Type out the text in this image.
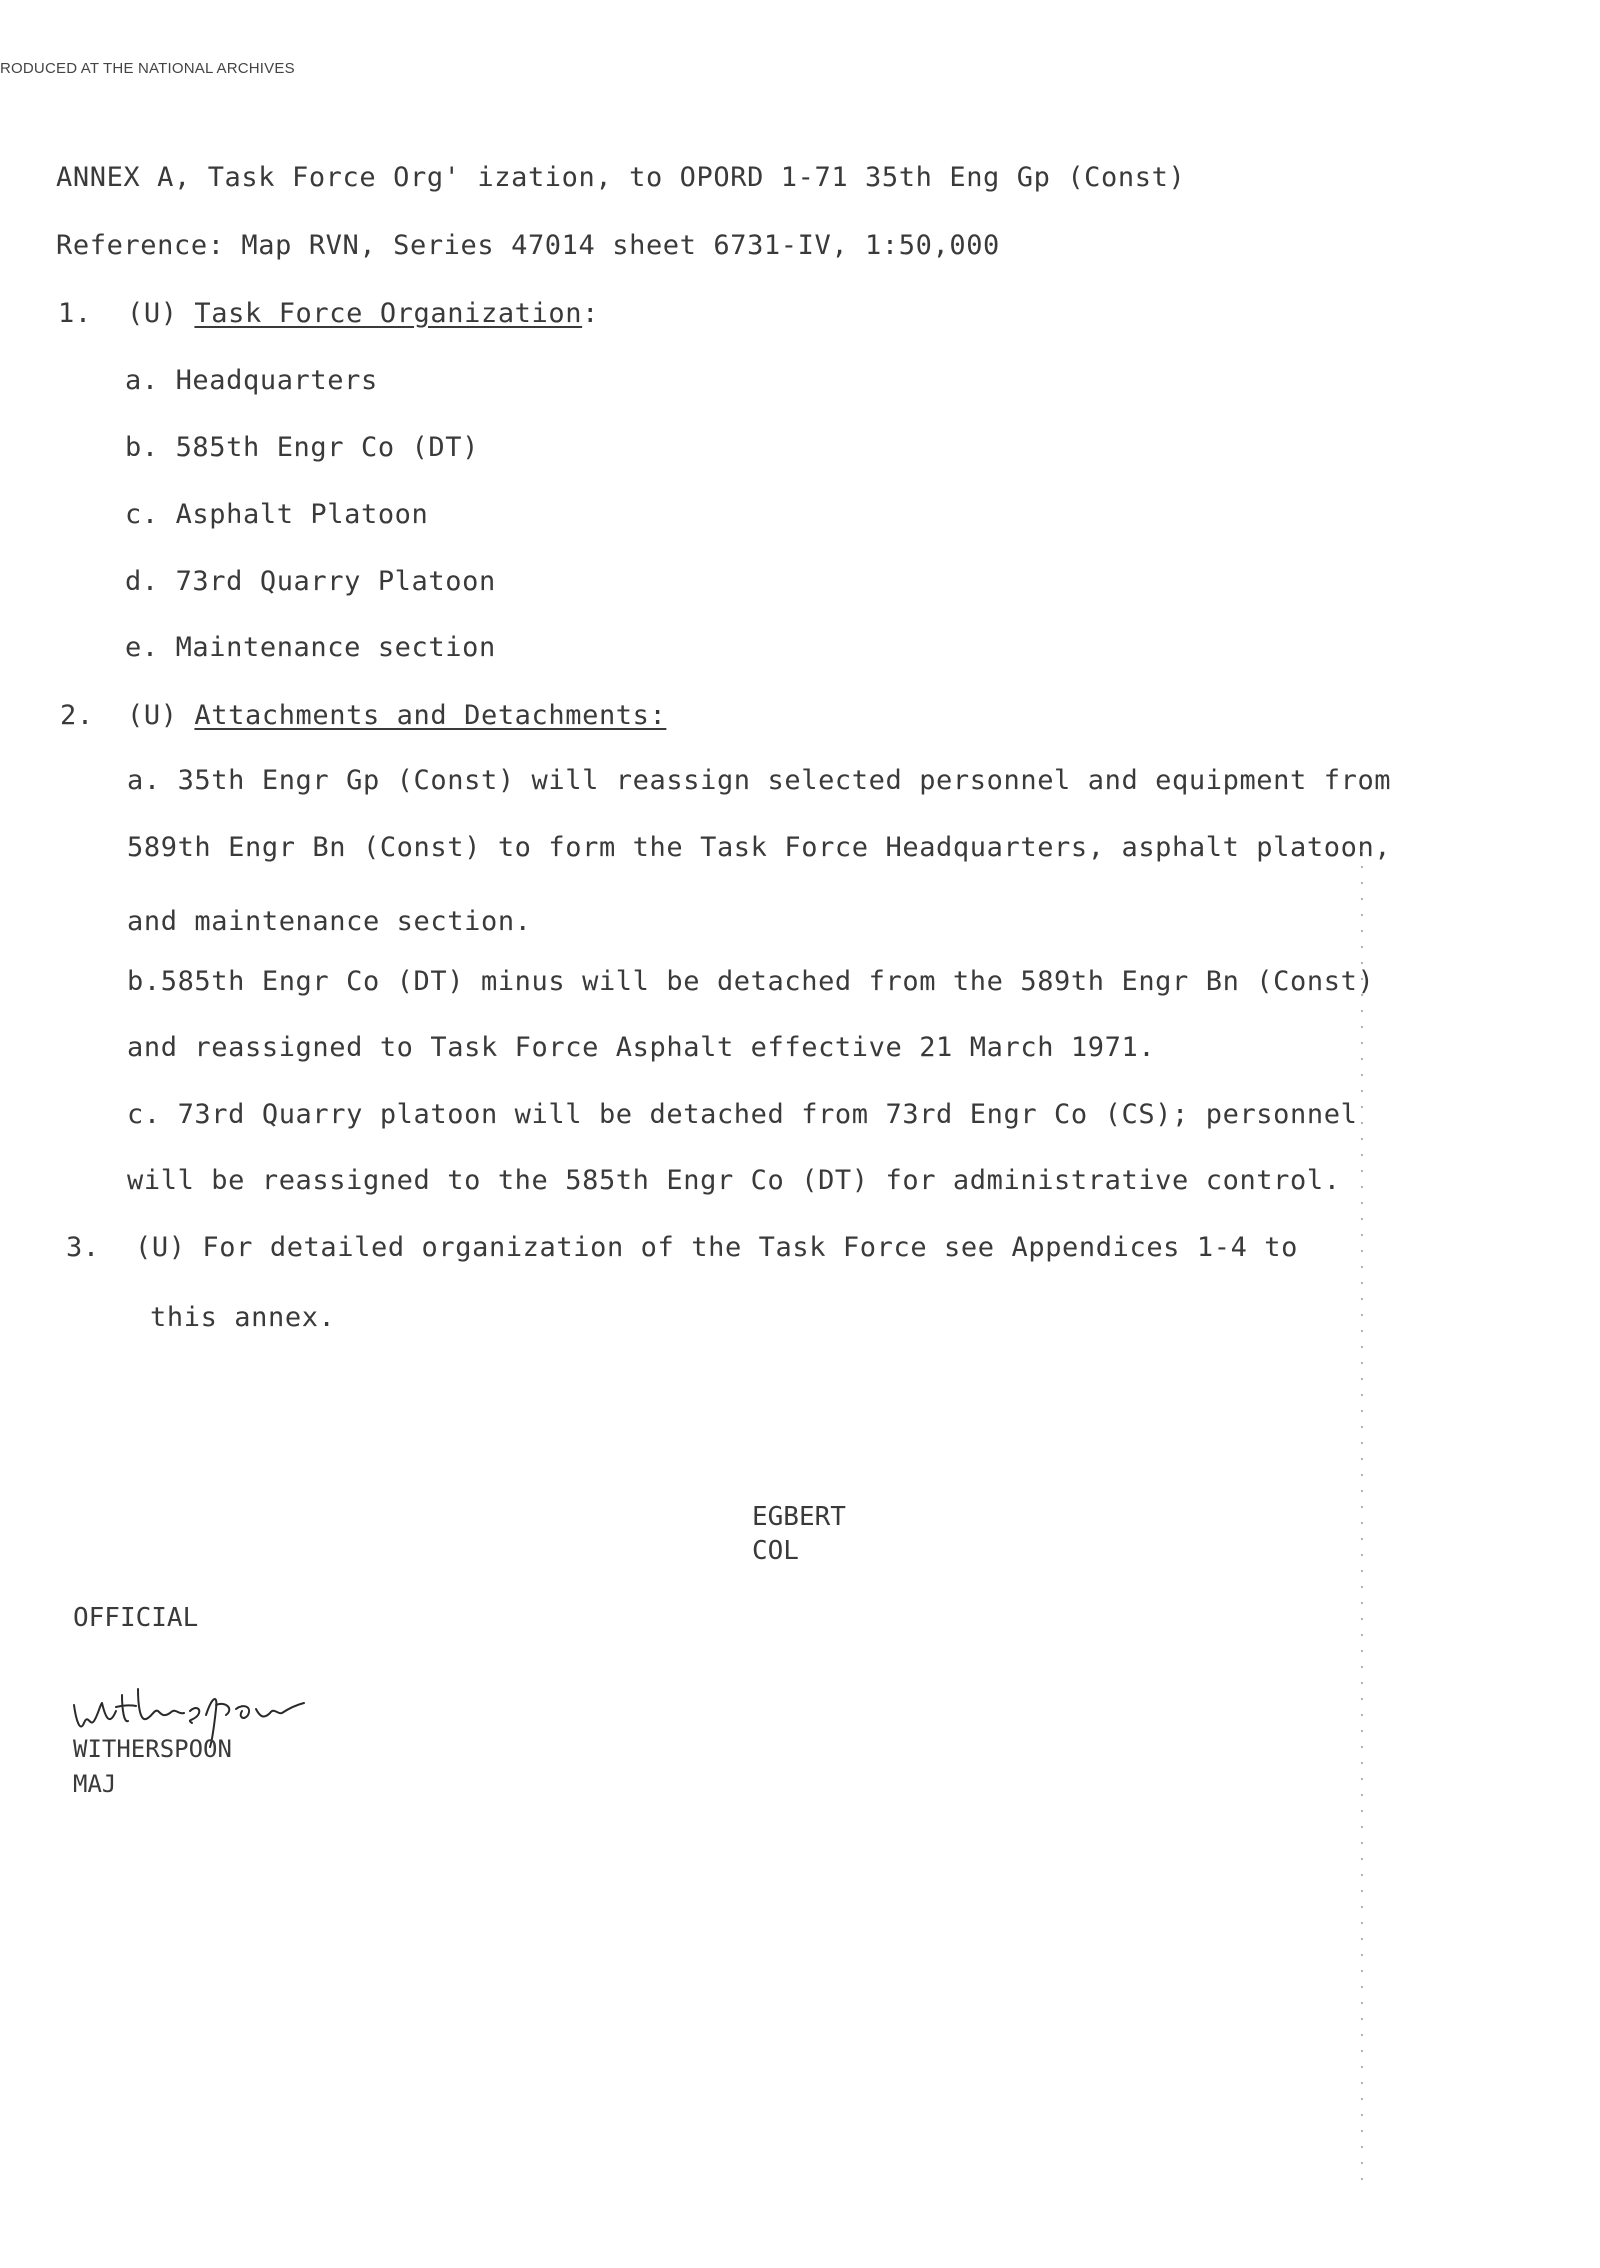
RODUCED AT THE NATIONAL ARCHIVES
ANNEX A, Task Force Org' ization, to OPORD 1-71 35th Eng Gp (Const)
Reference: Map RVN, Series 47014 sheet 6731-IV, 1:50,000
1. (U) Task Force Organization:
a. Headquarters
b. 585th Engr Co (DT)
c. Asphalt Platoon
d. 73rd Quarry Platoon
e. Maintenance section
2. (U) Attachments and Detachments:
a. 35th Engr Gp (Const) will reassign selected personnel and equipment from
589th Engr Bn (Const) to form the Task Force Headquarters, asphalt platoon,
and maintenance section.
b.585th Engr Co (DT) minus will be detached from the 589th Engr Bn (Const)
and reassigned to Task Force Asphalt effective 21 March 1971.
c. 73rd Quarry platoon will be detached from 73rd Engr Co (CS); personnel
will be reassigned to the 585th Engr Co (DT) for administrative control.
3. (U) For detailed organization of the Task Force see Appendices 1-4 to
this annex.
EGBERT
COL
OFFICIAL
WITHERSPOON
MAJ
